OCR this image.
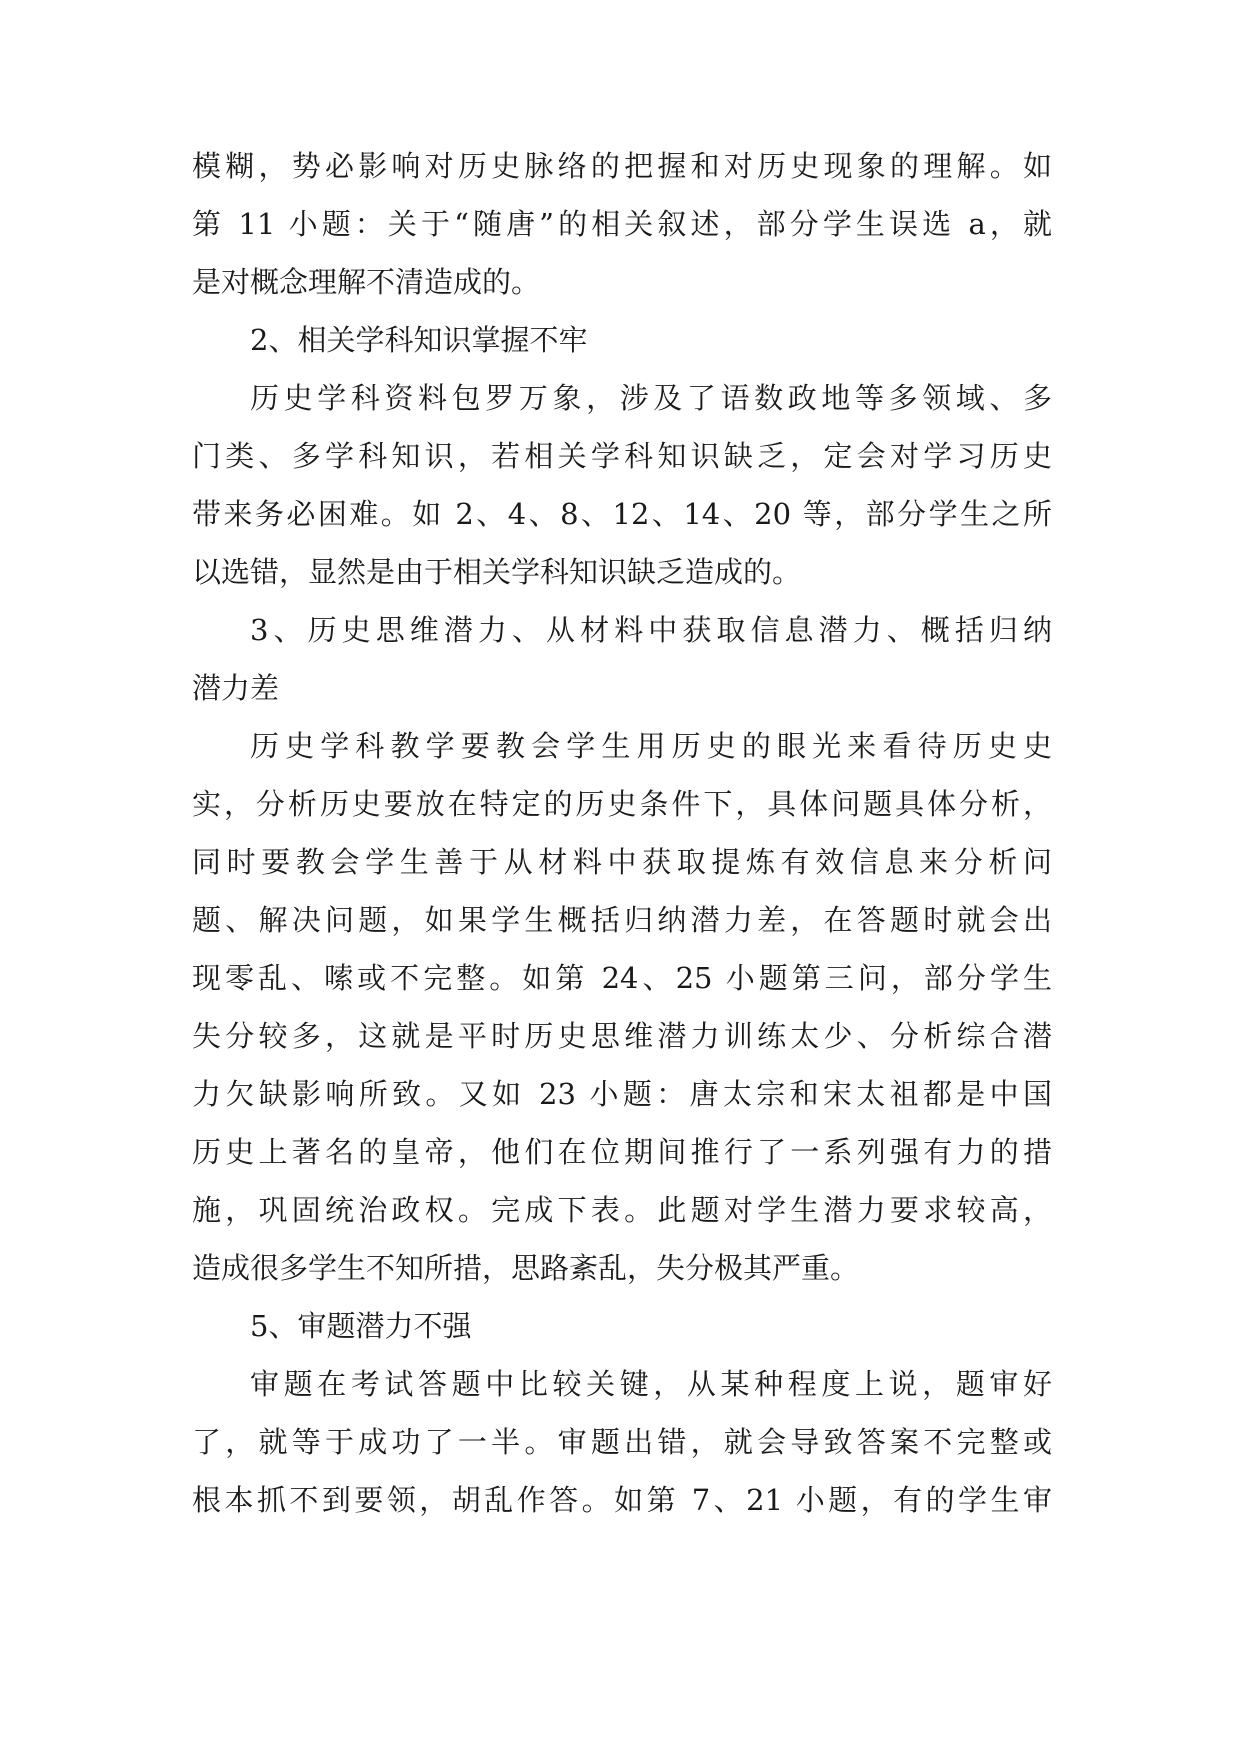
模糊，势必影响对历史脉络的把握和对历史现象的理解。如
第 11 小题：关于“随唐”的相关叙述，部分学生误选 a，就
是对概念理解不清造成的。
2、相关学科知识掌握不牢
历史学科资料包罗万象，涉及了语数政地等多领域、多
门类、多学科知识，若相关学科知识缺乏，定会对学习历史
带来务必困难。如 2、4、8、12、14、20 等，部分学生之所
以选错，显然是由于相关学科知识缺乏造成的。
3、历史思维潜力、从材料中获取信息潜力、概括归纳
潜力差
历史学科教学要教会学生用历史的眼光来看待历史史
实，分析历史要放在特定的历史条件下，具体问题具体分析，
同时要教会学生善于从材料中获取提炼有效信息来分析问
题、解决问题，如果学生概括归纳潜力差，在答题时就会出
现零乱、嗦或不完整。如第 24、25 小题第三问，部分学生
失分较多，这就是平时历史思维潜力训练太少、分析综合潜
力欠缺影响所致。又如 23 小题：唐太宗和宋太祖都是中国
历史上著名的皇帝，他们在位期间推行了一系列强有力的措
施，巩固统治政权。完成下表。此题对学生潜力要求较高，
造成很多学生不知所措，思路紊乱，失分极其严重。
5、审题潜力不强
审题在考试答题中比较关键，从某种程度上说，题审好
了，就等于成功了一半。审题出错，就会导致答案不完整或
根本抓不到要领，胡乱作答。如第 7、21 小题，有的学生审
